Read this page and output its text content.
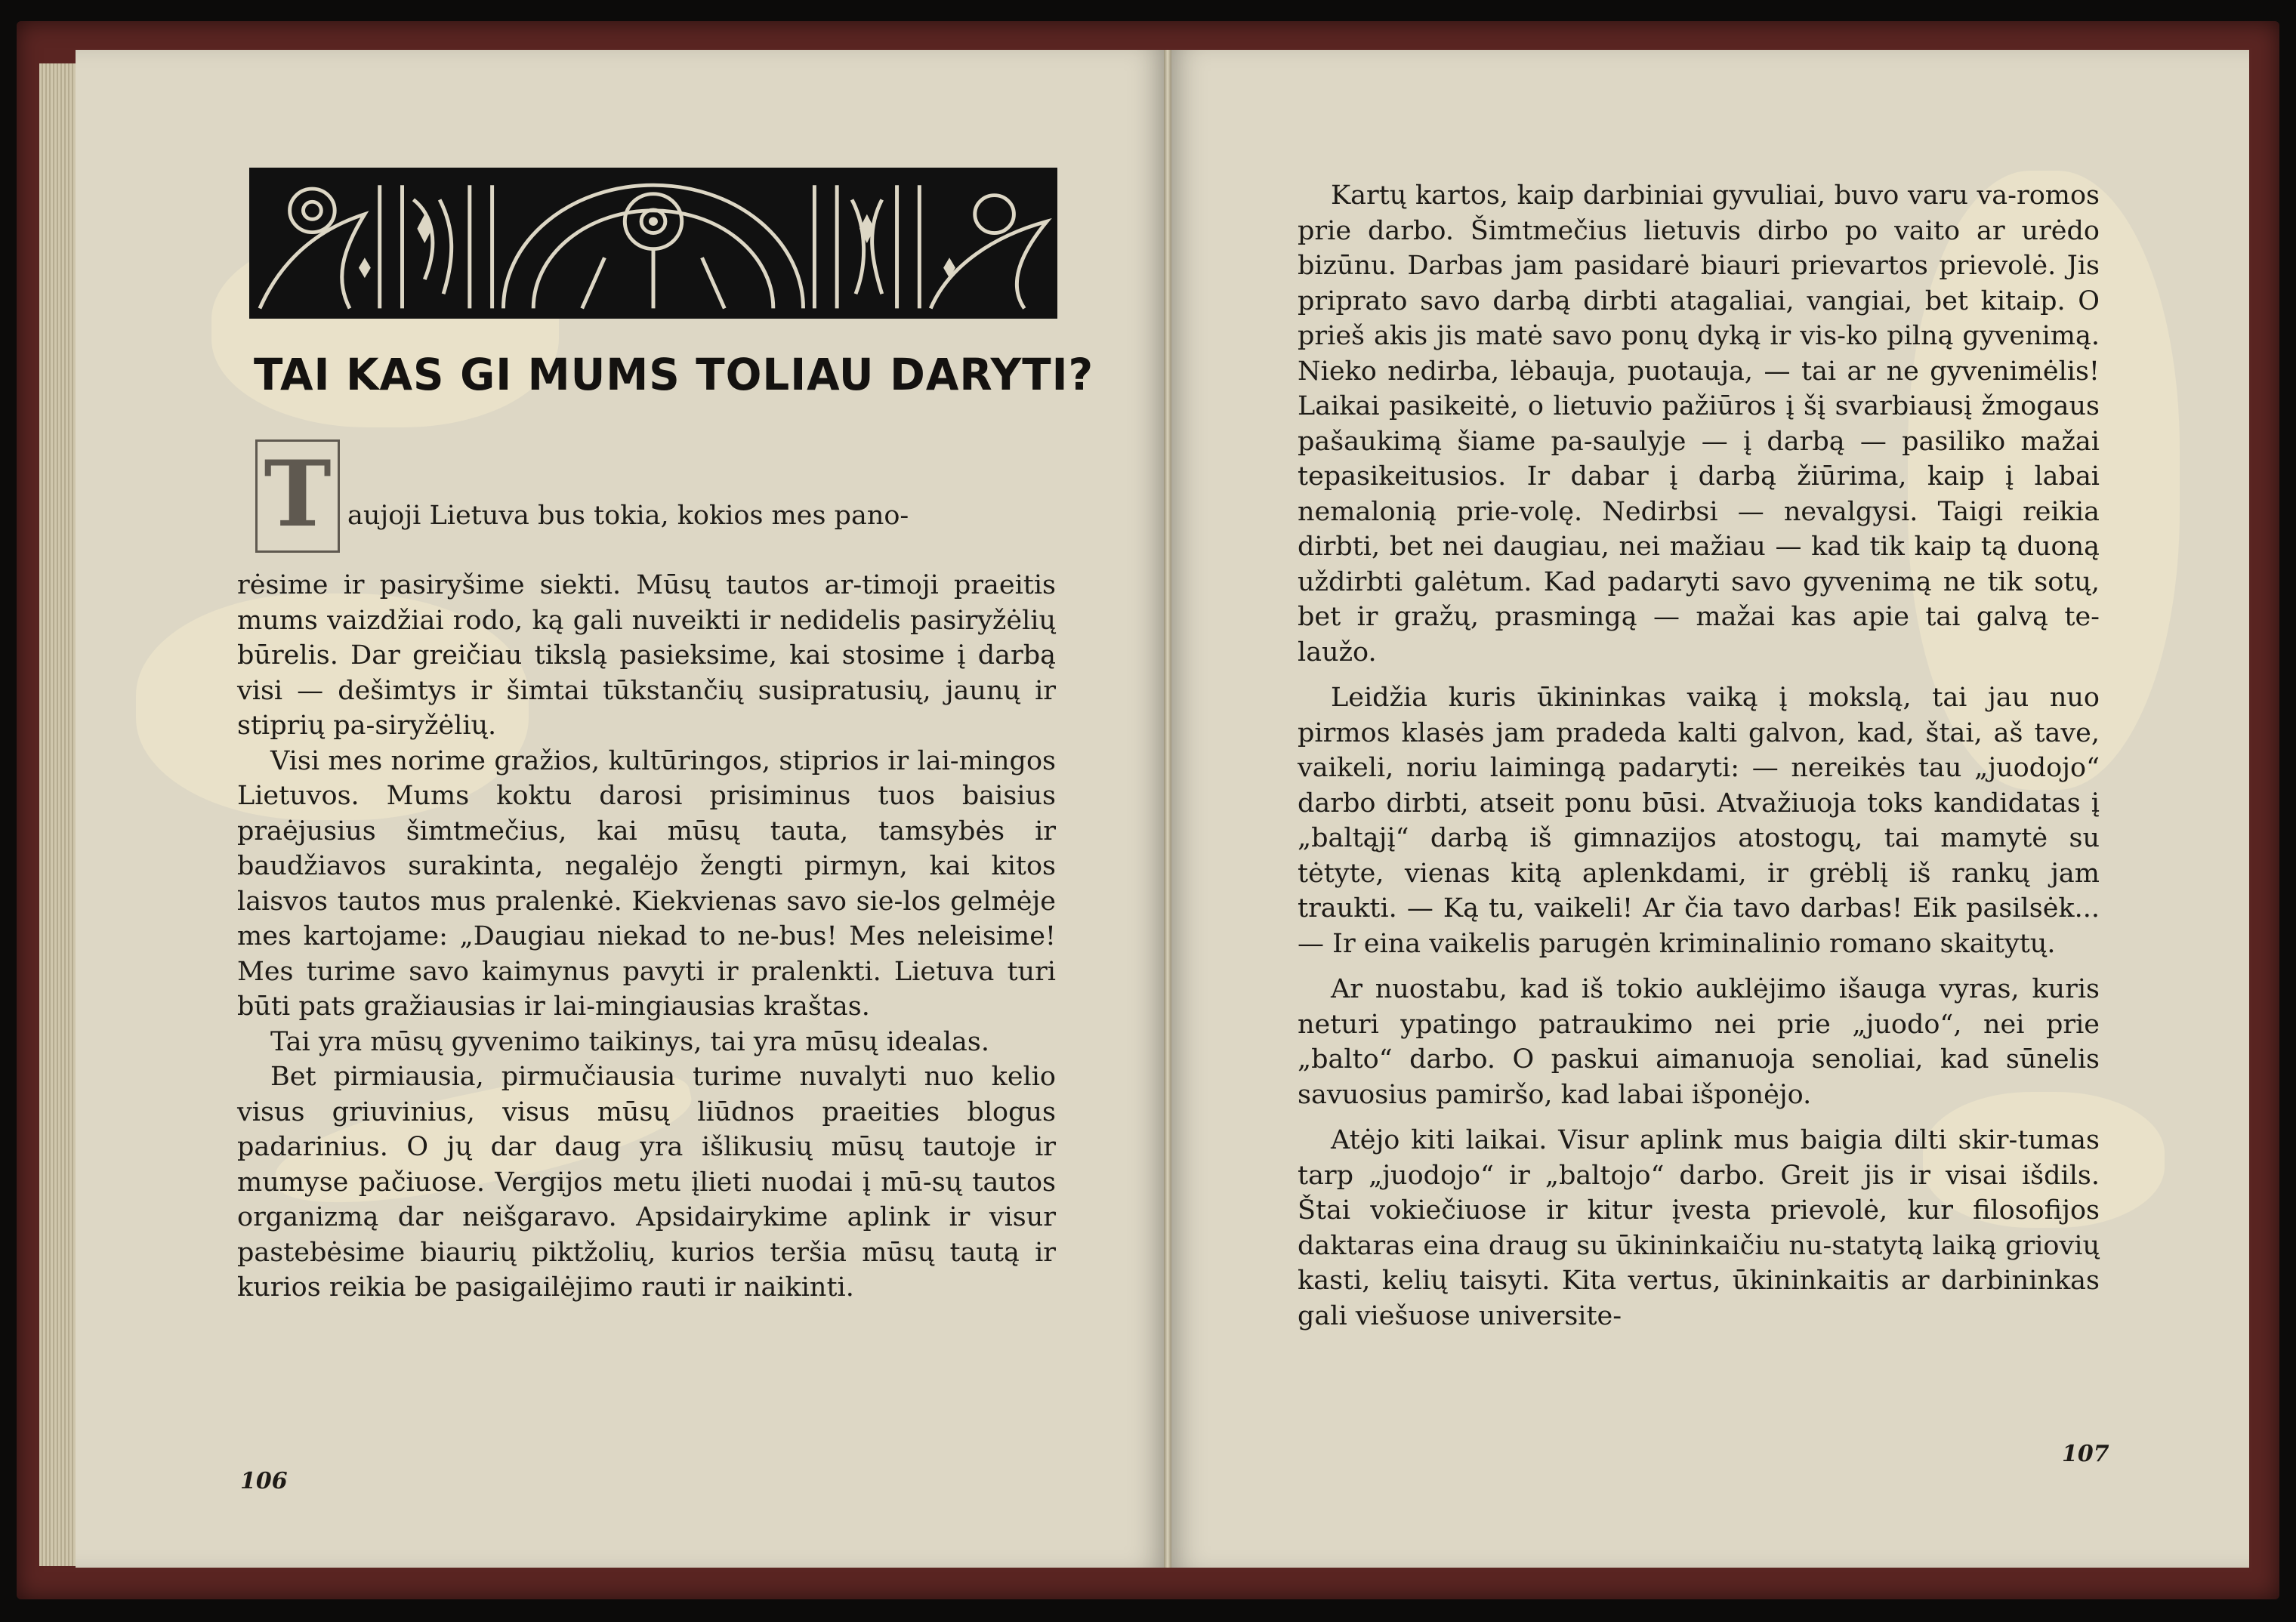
TAI KAS GI MUMS TOLIAU DARYTI?
T aujoji Lietuva bus tokia, kokios mes pano-

rėsime ir pasiryšime siekti. Mūsų tautos ar-timoji praeitis mums vaizdžiai rodo, ką gali nuveikti ir nedidelis pasiryžėlių būrelis. Dar greičiau tikslą pasieksime, kai stosime į darbą visi — dešimtys ir šimtai tūkstančių susipratusių, jaunų ir stiprių pa-siryžėlių.

Visi mes norime gražios, kultūringos, stiprios ir lai-mingos Lietuvos. Mums koktu darosi prisiminus tuos baisius praėjusius šimtmečius, kai mūsų tauta, tamsybės ir baudžiavos surakinta, negalėjo žengti pirmyn, kai kitos laisvos tautos mus pralenkė. Kiekvienas savo sie-los gelmėje mes kartojame: „Daugiau niekad to ne-bus! Mes neleisime! Mes turime savo kaimynus pavyti ir pralenkti. Lietuva turi būti pats gražiausias ir lai-mingiausias kraštas.

Tai yra mūsų gyvenimo taikinys, tai yra mūsų idealas.

Bet pirmiausia, pirmučiausia turime nuvalyti nuo kelio visus griuvinius, visus mūsų liūdnos praeities blogus padarinius. O jų dar daug yra išlikusių mūsų tautoje ir mumyse pačiuose. Vergijos metu įlieti nuodai į mū-sų tautos organizmą dar neišgaravo. Apsidairykime aplink ir visur pastebėsime biaurių piktžolių, kurios teršia mūsų tautą ir kurios reikia be pasigailėjimo rauti ir naikinti.

106

Kartų kartos, kaip darbiniai gyvuliai, buvo varu va-romos prie darbo. Šimtmečius lietuvis dirbo po vaito ar urėdo bizūnu. Darbas jam pasidarė biauri prievartos prievolė. Jis priprato savo darbą dirbti atagaliai, vangiai, bet kitaip. O prieš akis jis matė savo ponų dyką ir vis-ko pilną gyvenimą. Nieko nedirba, lėbauja, puotauja, — tai ar ne gyvenimėlis! Laikai pasikeitė, o lietuvio pažiūros į šį svarbiausį žmogaus pašaukimą šiame pa-saulyje — į darbą — pasiliko mažai tepasikeitusios. Ir dabar į darbą žiūrima, kaip į labai nemalonią prie-volę. Nedirbsi — nevalgysi. Taigi reikia dirbti, bet nei daugiau, nei mažiau — kad tik kaip tą duoną uždirbti galėtum. Kad padaryti savo gyvenimą ne tik sotų, bet ir gražų, prasmingą — mažai kas apie tai galvą te-laužo.

Leidžia kuris ūkininkas vaiką į mokslą, tai jau nuo pirmos klasės jam pradeda kalti galvon, kad, štai, aš tave, vaikeli, noriu laimingą padaryti: — nereikės tau „juodojo“ darbo dirbti, atseit ponu būsi. Atvažiuoja toks kandidatas į „baltąjį“ darbą iš gimnazijos atostogų, tai mamytė su tėtyte, vienas kitą aplenkdami, ir grėblį iš rankų jam traukti. — Ką tu, vaikeli! Ar čia tavo darbas! Eik pasilsėk... — Ir eina vaikelis parugėn kriminalinio romano skaitytų.

Ar nuostabu, kad iš tokio auklėjimo išauga vyras, kuris neturi ypatingo patraukimo nei prie „juodo“, nei prie „balto“ darbo. O paskui aimanuoja senoliai, kad sūnelis savuosius pamiršo, kad labai išponėjo.

Atėjo kiti laikai. Visur aplink mus baigia dilti skir-tumas tarp „juodojo“ ir „baltojo“ darbo. Greit jis ir visai išdils. Štai vokiečiuose ir kitur įvesta prievolė, kur filosofijos daktaras eina draug su ūkininkaičiu nu-statytą laiką griovių kasti, kelių taisyti. Kita vertus, ūkininkaitis ar darbininkas gali viešuose universite-

107
